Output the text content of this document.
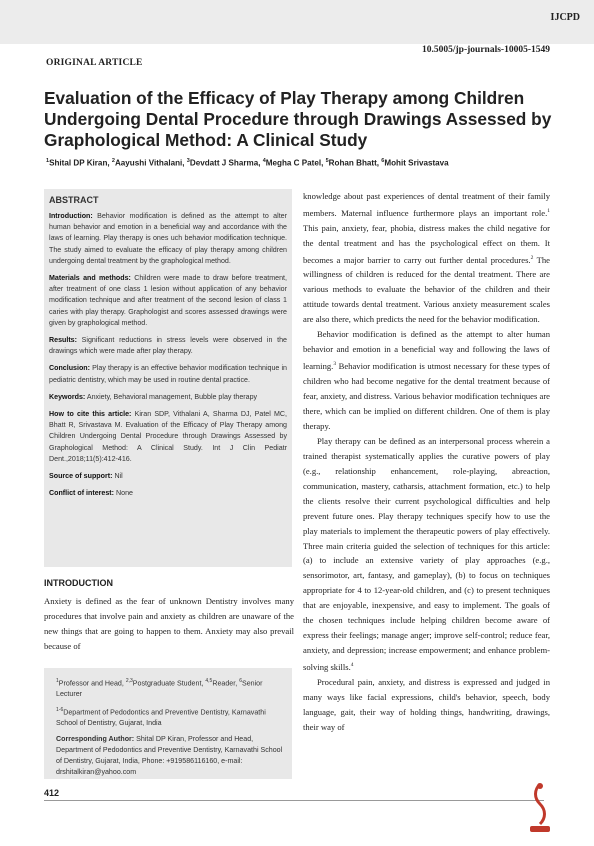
IJCPD
10.5005/jp-journals-10005-1549
ORIGINAL ARTICLE
Evaluation of the Efficacy of Play Therapy among Children Undergoing Dental Procedure through Drawings Assessed by Graphological Method: A Clinical Study
$^1$Shital DP Kiran, $^2$Aayushi Vithalani, $^3$Devdatt J Sharma, $^4$Megha C Patel, $^5$Rohan Bhatt, $^6$Mohit Srivastava
ABSTRACT

Introduction: Behavior modification is defined as the attempt to alter human behavior and emotion in a beneficial way and accordance with the laws of learning. Play therapy is ones uch behavior modification technique. The study aimed to evaluate the efficacy of play therapy among children undergoing dental treatment by the graphological method.

Materials and methods: Children were made to draw before treatment, after treatment of one class 1 lesion without application of any behavior modification technique and after treatment of the second lesion of class 1 caries with play therapy. Graphologist and scores assessed drawings were given by graphological method.

Results: Significant reductions in stress levels were observed in the drawings which were made after play therapy.

Conclusion: Play therapy is an effective behavior modification technique in pediatric dentistry, which may be used in routine dental practice.

Keywords: Anxiety, Behavioral management, Bubble play therapy

How to cite this article: Kiran SDP, Vithalani A, Sharma DJ, Patel MC, Bhatt R, Srivastava M. Evaluation of the Efficacy of Play Therapy among Children Undergoing Dental Procedure through Drawings Assessed by Graphological Method: A Clinical Study. Int J Clin Pediatr Dent.,2018;11(5):412-416.

Source of support: Nil

Conflict of interest: None

INTRODUCTION

Anxiety is defined as the fear of unknown Dentistry involves many procedures that involve pain and anxiety as children are unaware of the new things that are going to happen to them. Anxiety may also prevail because of

$^1$Professor and Head, $^{2,3}$Postgraduate Student, $^{4,5}$Reader, $^6$Senior Lecturer

$^{1-6}$Department of Pedodontics and Preventive Dentistry, Karnavathi School of Dentistry, Gujarat, India

Corresponding Author: Shital DP Kiran, Professor and Head, Department of Pedodontics and Preventive Dentistry, Karnavathi School of Dentistry, Gujarat, India, Phone: +919586116160, e-mail: drshitalkiran@yahoo.com

knowledge about past experiences of dental treatment of their family members. Maternal influence furthermore plays an important role.$^1$ This pain, anxiety, fear, phobia, distress makes the child negative for the dental treatment and has the psychological effect on them. It becomes a major barrier to carry out further dental procedures.$^2$ The willingness of children is reduced for the dental treatment. There are various methods to evaluate the behavior of the children and their attitude towards dental treatment. Various anxiety measurement scales are also there, which predicts the need for the behavior modification.

Behavior modification is defined as the attempt to alter human behavior and emotion in a beneficial way and following the laws of learning.$^3$ Behavior modification is utmost necessary for these types of children who had become negative for the dental treatment because of fear, anxiety, and distress. Various behavior modification techniques are there, which can be implied on different children. One of them is play therapy.

Play therapy can be defined as an interpersonal process wherein a trained therapist systematically applies the curative powers of play (e.g., relationship enhancement, role-playing, abreaction, communication, mastery, catharsis, attachment formation, etc.) to help the clients resolve their current psychological difficulties and help prevent future ones. Play therapy techniques specify how to use the play materials to implement the therapeutic powers of play effectively. Three main criteria guided the selection of techniques for this article: (a) to include an extensive variety of play approaches (e.g., sensorimotor, art, fantasy, and gameplay), (b) to focus on techniques appropriate for 4 to 12-year-old children, and (c) to present techniques that are enjoyable, inexpensive, and easy to implement. The goals of the chosen techniques include helping children become aware of express their feelings; manage anger; improve self-control; reduce fear, anxiety, and depression; increase empowerment; and enhance problem-solving skills.$^4$

Procedural pain, anxiety, and distress is expressed and judged in many ways like facial expressions, child's behavior, speech, body language, gait, their way of holding things, handwriting, drawings, their way of

412
